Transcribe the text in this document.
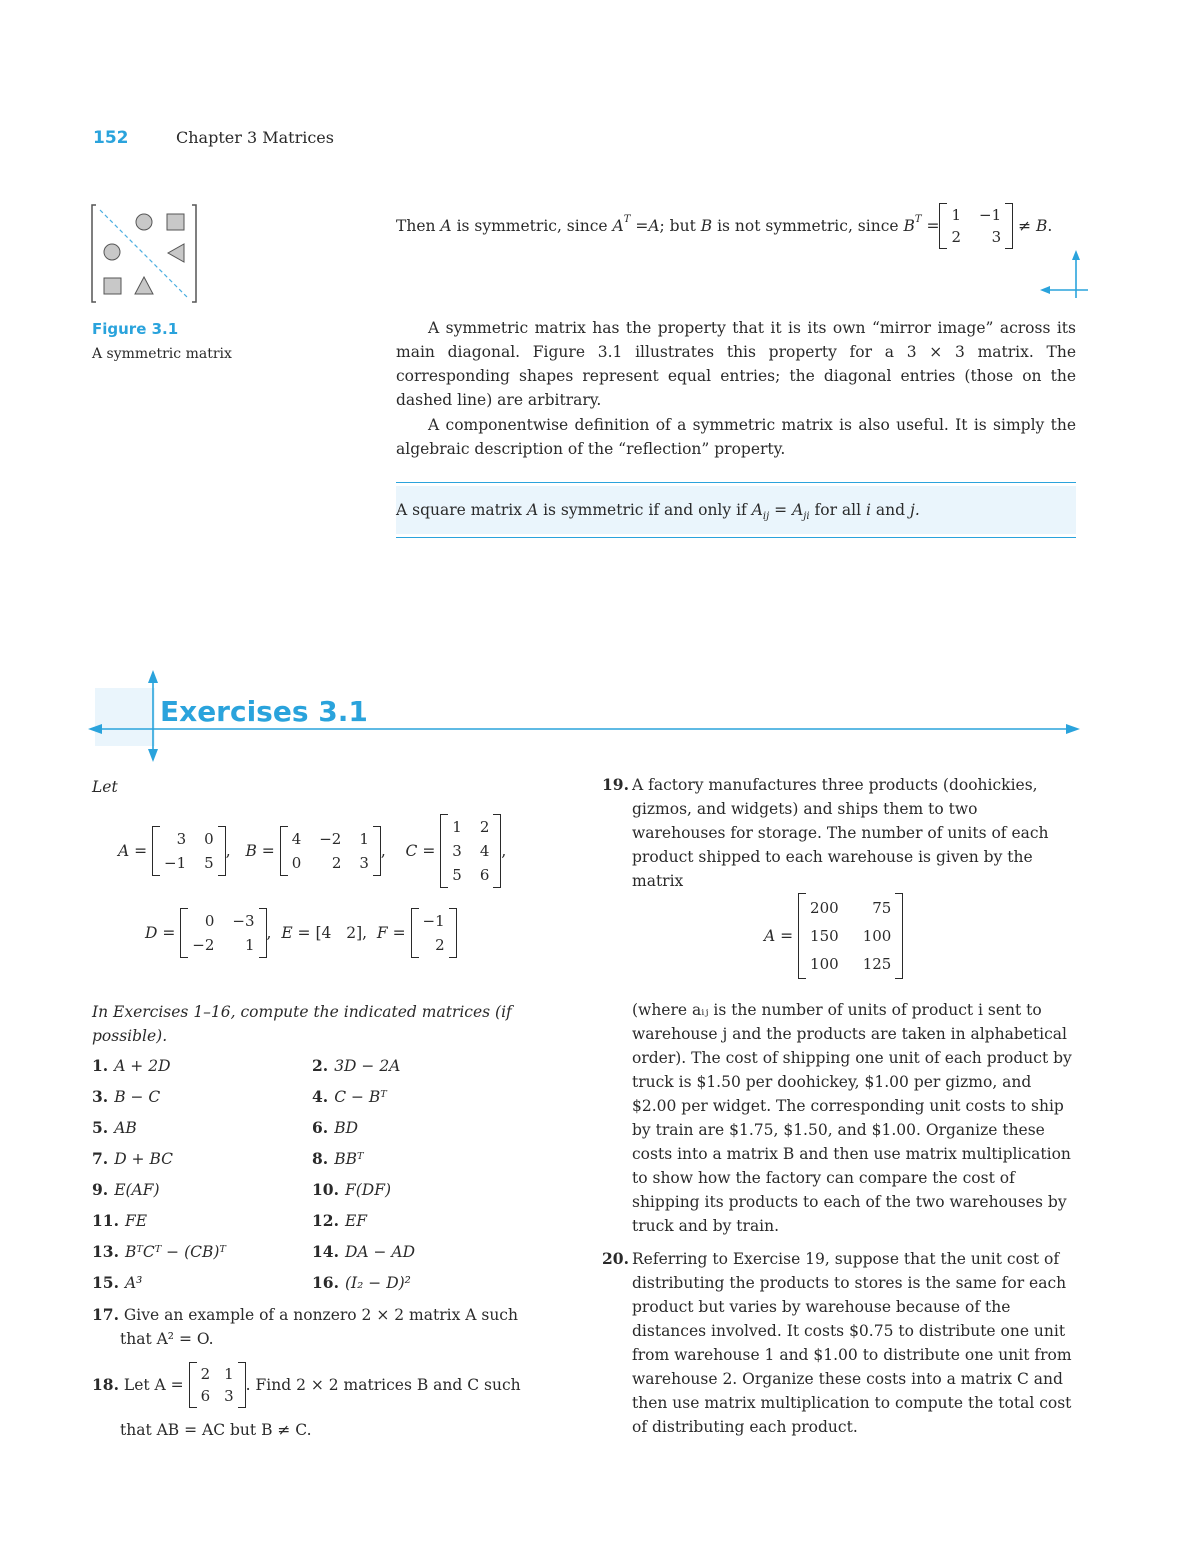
152	Chapter 3 Matrices
Figure 3.1
A symmetric matrix
Then
A
is symmetric, since
$A^T$
= A ; but
B
is not symmetric, since
$B^T$
=
1 −1
2	3

≠
B .
A symmetric matrix has the property that it is its own “mirror image” across its main diagonal. Figure 3.1 illustrates this property for a 3 × 3 matrix. The corresponding shapes represent equal entries; the diagonal entries (those on the dashed line) are arbitrary.
A componentwise definition of a symmetric matrix is also useful. It is simply the algebraic description of the “reflection” property.
A square matrix A is symmetric if and only if $A_{ij} = A_{ji}$ for all i and j.
Exercises 3.1
Let
A =

3 0
−1 5
, B =

4 −2 1
0	2 3
, C =

1 2
3 4
5 6
,
D =

0 −3
−2	1
, E = [ 4
2 ], F =

−1
2
In Exercises 1–16, compute the indicated matrices (if possible).
1. A + 2D	2. 3D − 2A
3. B − C	4. C − Bᵀ
5. AB	6. BD
7. D + BC	8. BBᵀ
9. E(AF)	10. F(DF)
11. FE	12. EF
13. BᵀCᵀ − (CB)ᵀ	14. DA − AD
15. A³	16. (I₂ − D)²
17. Give an example of a nonzero 2 × 2 matrix A such
that A² = O.
18.
Let A =

2 1
6 3
. Find 2 × 2 matrices B and C such
that AB = AC but B ≠ C.
19. A factory manufactures three products (doohickies, gizmos, and widgets) and ships them to two warehouses for storage. The number of units of each product shipped to each warehouse is given by the matrix
A =

200	75
150 100
100 125
(where aᵢⱼ is the number of units of product i sent to warehouse j and the products are taken in alphabetical order). The cost of shipping one unit of each product by truck is $1.50 per doohickey, $1.00 per gizmo, and $2.00 per widget. The corresponding unit costs to ship by train are $1.75, $1.50, and $1.00. Organize these costs into a matrix B and then use matrix multiplication to show how the factory can compare the cost of shipping its products to each of the two warehouses by truck and by train.
20. Referring to Exercise 19, suppose that the unit cost of distributing the products to stores is the same for each product but varies by warehouse because of the distances involved. It costs $0.75 to distribute one unit from warehouse 1 and $1.00 to distribute one unit from warehouse 2. Organize these costs into a matrix C and then use matrix multiplication to compute the total cost of distributing each product.
